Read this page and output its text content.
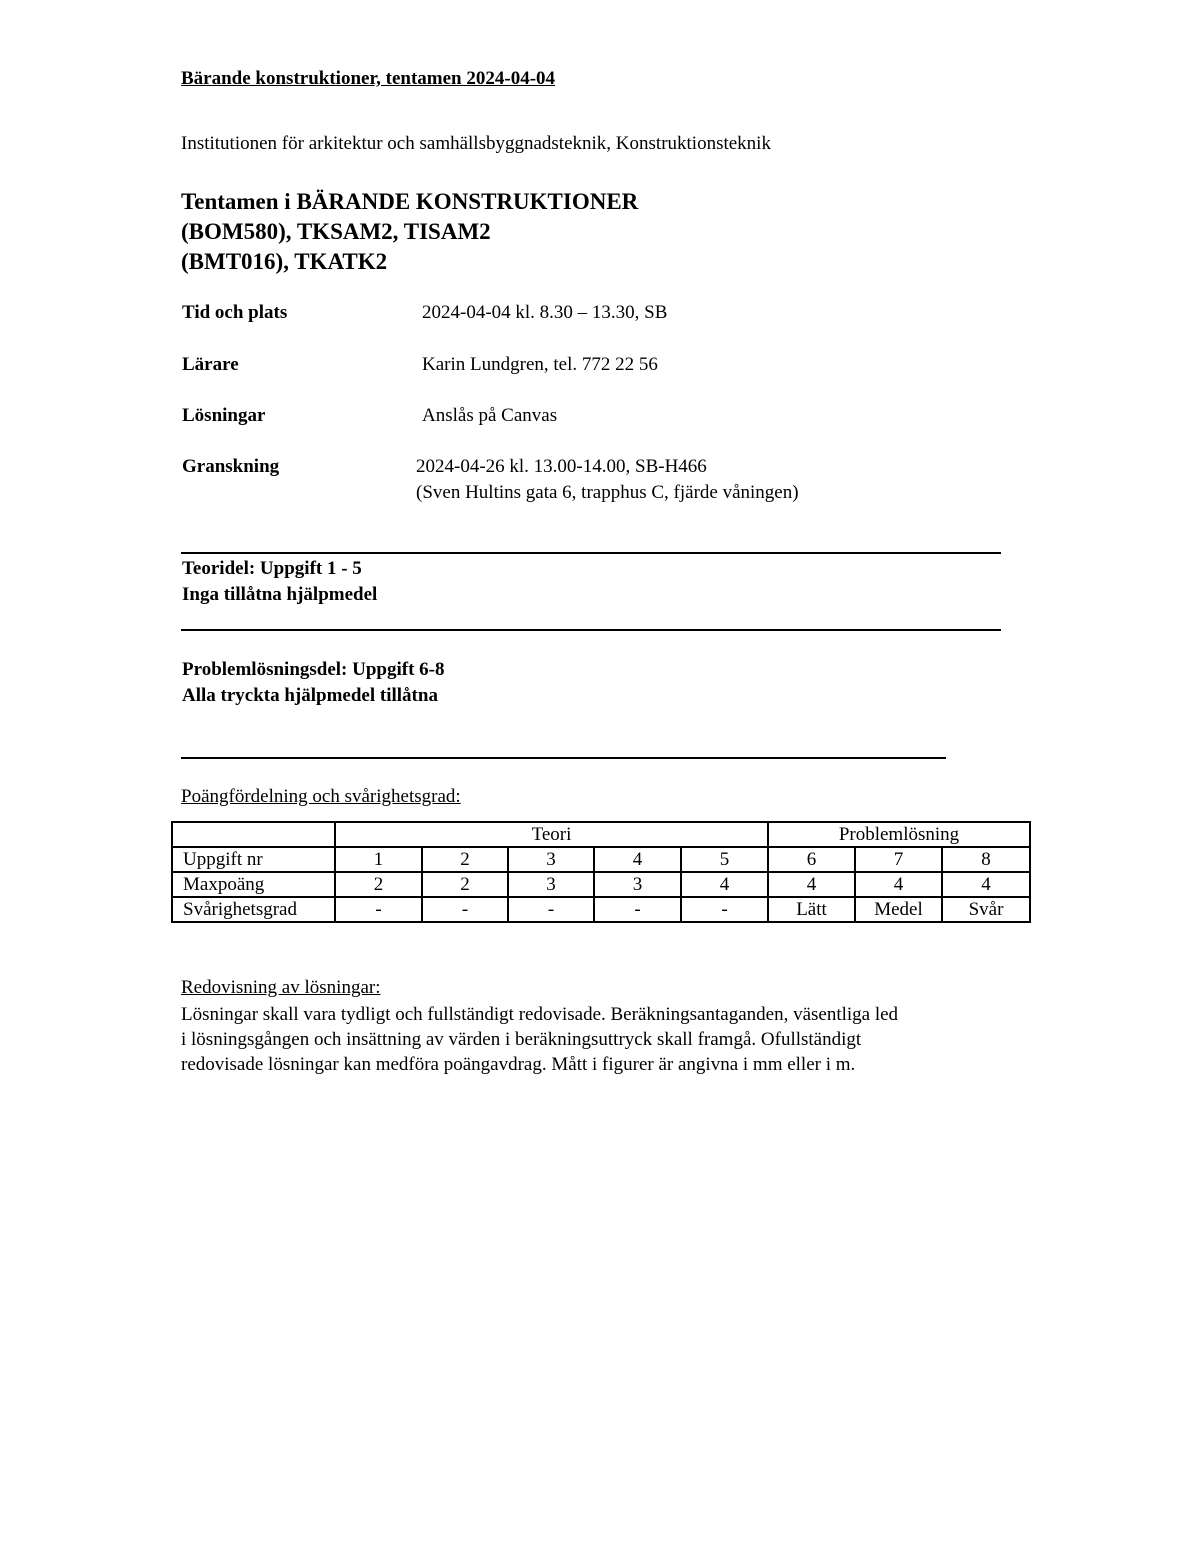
Bärande konstruktioner, tentamen 2024-04-04
Institutionen för arkitektur och samhällsbyggnadsteknik, Konstruktionsteknik
Tentamen i BÄRANDE KONSTRUKTIONER
(BOM580), TKSAM2, TISAM2
(BMT016), TKATK2
Tid och plats	2024-04-04 kl. 8.30 – 13.30, SB
Lärare	Karin Lundgren, tel. 772 22 56
Lösningar	Anslås på Canvas
Granskning	2024-04-26 kl. 13.00-14.00, SB-H466
(Sven Hultins gata 6, trapphus C, fjärde våningen)
Teoridel: Uppgift 1 - 5
Inga tillåtna hjälpmedel
Problemlösningsdel: Uppgift 6-8
Alla tryckta hjälpmedel tillåtna
Poängfördelning och svårighetsgrad:
	Teori					Problemlösning		
Uppgift nr	1	2	3	4	5	6	7	8
Maxpoäng	2	2	3	3	4	4	4	4
Svårighetsgrad	-	-	-	-	-	Lätt	Medel	Svår
Redovisning av lösningar:
Lösningar skall vara tydligt och fullständigt redovisade. Beräkningsantaganden, väsentliga led
i lösningsgången och insättning av värden i beräkningsuttryck skall framgå. Ofullständigt
redovisade lösningar kan medföra poängavdrag. Mått i figurer är angivna i mm eller i m.
